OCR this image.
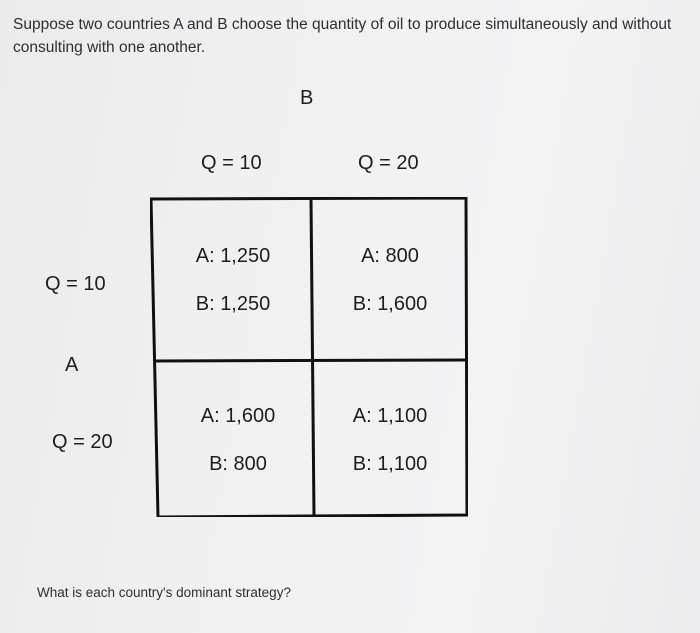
Suppose two countries A and B choose the quantity of oil to produce simultaneously and without
consulting with one another.
B
Q = 10	Q = 20
Q = 10
A
Q = 20
A: 1,250
B: 1,250
A: 800
B: 1,600
A: 1,600
B: 800
A: 1,100
B: 1,100
What is each country's dominant strategy?
